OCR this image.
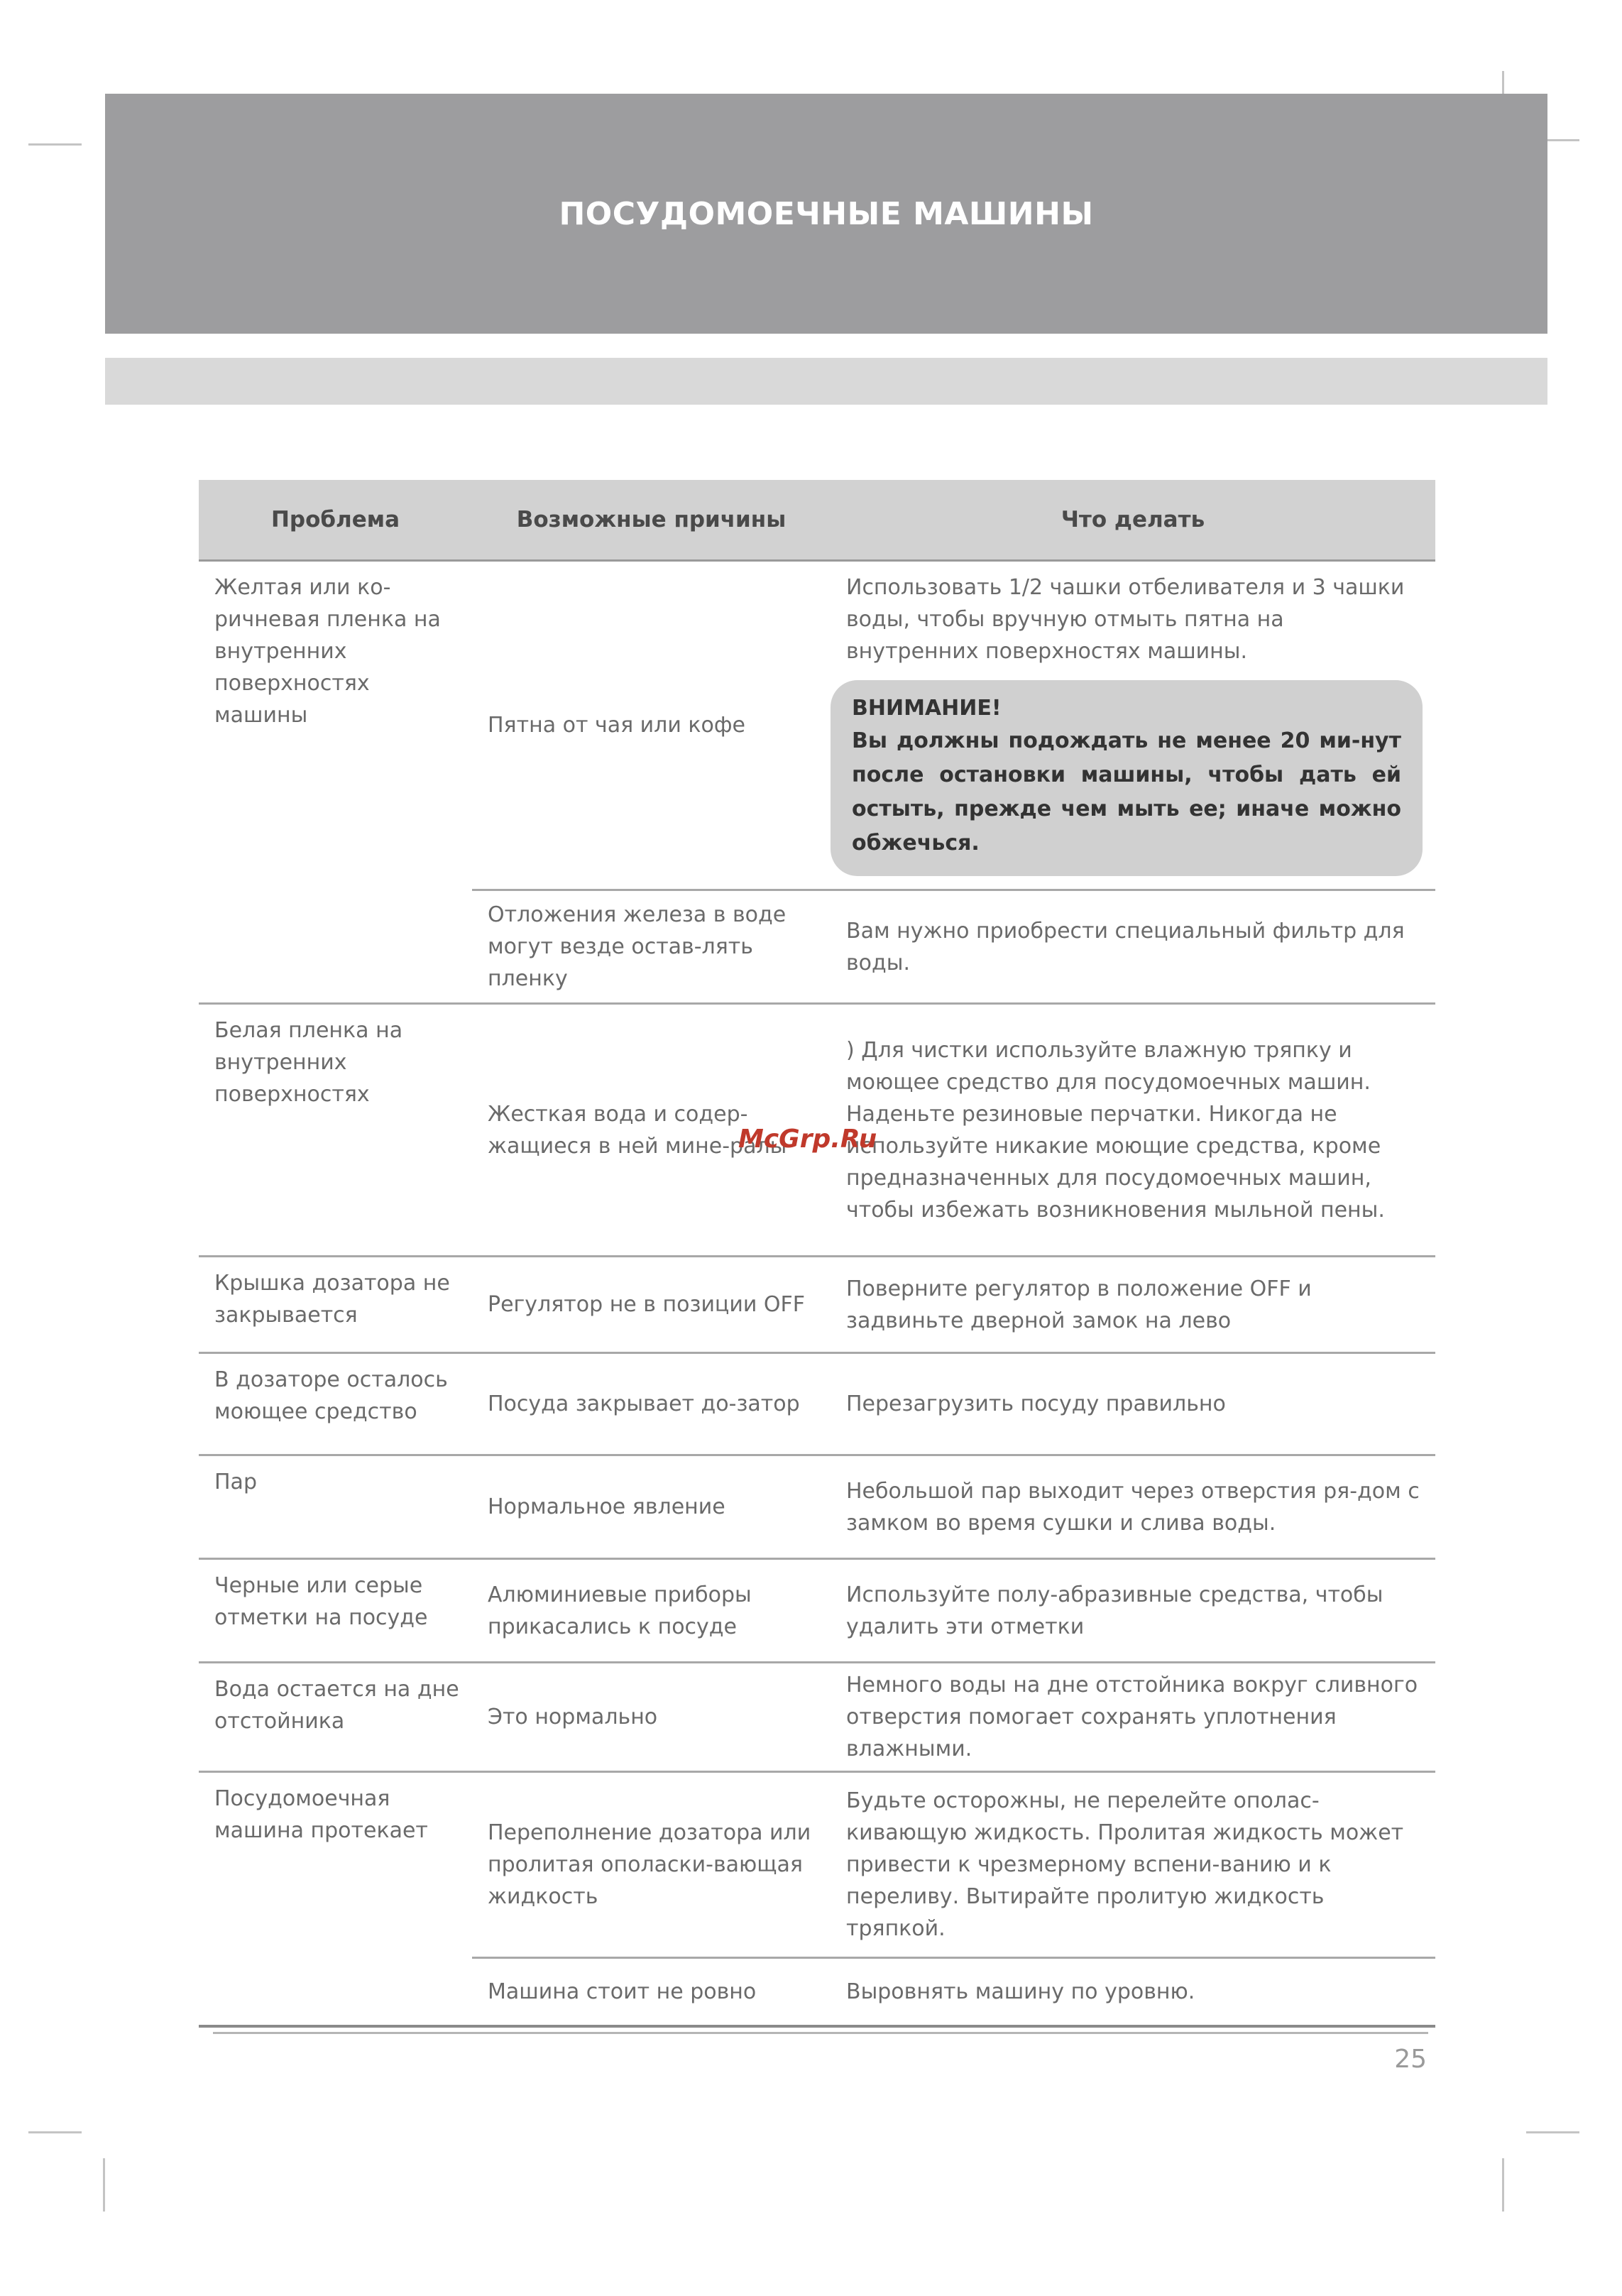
ПОСУДОМОЕЧНЫЕ МАШИНЫ
Проблема	Возможные причины	Что делать
Желтая или ко-ричневая пленка на внутренних поверхностях машины	Пятна от чая или кофе	Использовать 1/2 чашки отбеливателя и 3 чашки воды, чтобы вручную отмыть пятна на внутренних поверхностях машины.
ВНИМАНИЕ!
Вы должны подождать не менее 20 ми-нут после остановки машины, чтобы дать ей остыть, прежде чем мыть ее; иначе можно обжечься.

	Отложения железа в воде могут везде остав-лять пленку	Вам нужно приобрести специальный фильтр для воды.
Белая пленка на внутренних поверхностях	Жесткая вода и содер-жащиеся в ней мине-ралы	) Для чистки используйте влажную тряпку и моющее средство для посудомоечных машин. Наденьте резиновые перчатки. Никогда не используйте никакие моющие средства, кроме предназначенных для посудомоечных машин, чтобы избежать возникновения мыльной пены.
Крышка дозатора не закрывается	Регулятор не в позиции OFF	Поверните регулятор в положение OFF и задвиньте дверной замок на лево
В дозаторе осталось моющее средство	Посуда закрывает до-затор	Перезагрузить посуду правильно
Пар	Нормальное явление	Небольшой пар выходит через отверстия ря-дом с замком во время сушки и слива воды.
Черные или серые отметки на посуде	Алюминиевые приборы прикасались к посуде	Используйте полу-абразивные средства, чтобы удалить эти отметки
Вода остается на дне отстойника	Это нормально	Немного воды на дне отстойника вокруг сливного отверстия помогает сохранять уплотнения влажными.
Посудомоечная машина протекает	Переполнение дозатора или пролитая ополаски-вающая жидкость	Будьте осторожны, не перелейте ополас-кивающую жидкость. Пролитая жидкость может привести к чрезмерному вспени-ванию и к переливу. Вытирайте пролитую жидкость тряпкой.
	Машина стоит не ровно	Выровнять машину по уровню.
McGrp.Ru
25
